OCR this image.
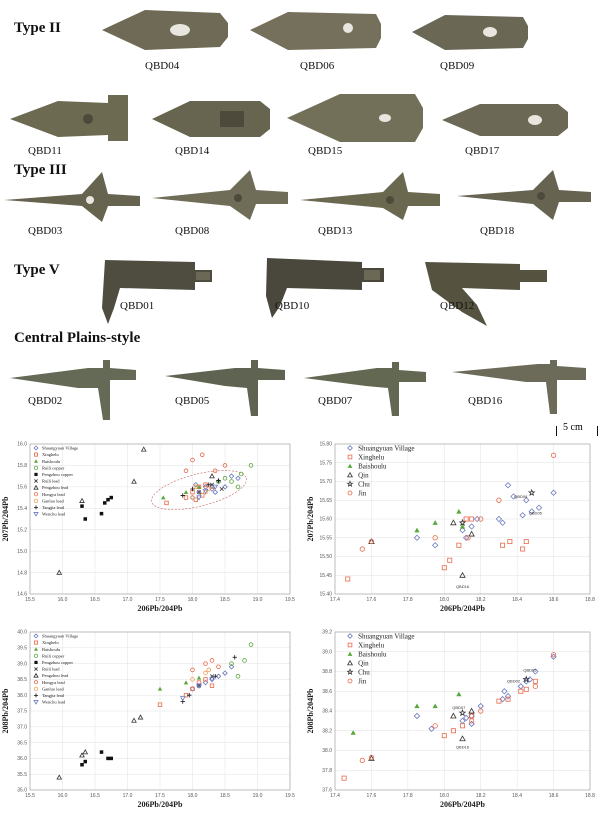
Type II
Type III
Type V
Central Plains-style
QBD04	QBD06	QBD09
QBD11	QBD14	QBD15	QBD17
QBD03	QBD08	QBD13	QBD18
QBD01	QBD10	QBD12
QBD02	QBD05	QBD07	QBD16
5 cm
15.5	16.0	16.5	17.0	17.5	18.0	18.5	19.0	19.5
14.6
14.8
15.0
15.2
15.4
15.6
15.8
16.0
206Pb/204Pb
207Pb/204Pb
Shuangyuan Village
Xinghelu
Baishoulu
Ruili copper
Pengzhou copper
Ruili lead
Pengzhou lead
Hongya lead
Ganluo lead
Tangjia lead
Wenchu lead
17.4	17.6	17.8	18.0	18.2	18.4	18.6	18.8
15.40
15.45
15.50
15.55
15.60
15.65
15.70
15.75
15.80
206Pb/204Pb
207Pb/204Pb
QBD16
QBD08
QBD05
Shuangyuan Village
Xinghelu
Baishoulu
Qin
Chu
Jin
15.5	16.0	16.5	17.0	17.5	18.0	18.5	19.0	19.5
35.0
35.5
36.0
36.5
37.0
37.5
38.0
38.5
39.0
39.5
40.0
206Pb/204Pb
208Pb/204Pb
Shuangyuan Village
Xinghelu
Baishoulu
Ruili copper
Pengzhou copper
Ruili lead
Pengzhou lead
Hongya lead
Ganluo lead
Tangjia lead
Wenchu lead
17.4	17.6	17.8	18.0	18.2	18.4	18.6	18.8
37.6
37.8
38.0
38.2
38.4
38.6
38.8
39.0
39.2
206Pb/204Pb
208Pb/204Pb	QBD07
QBD16
QBD05
QBD02
Shuangyuan Village
Xinghelu
Baishoulu
Qin
Chu
Jin
